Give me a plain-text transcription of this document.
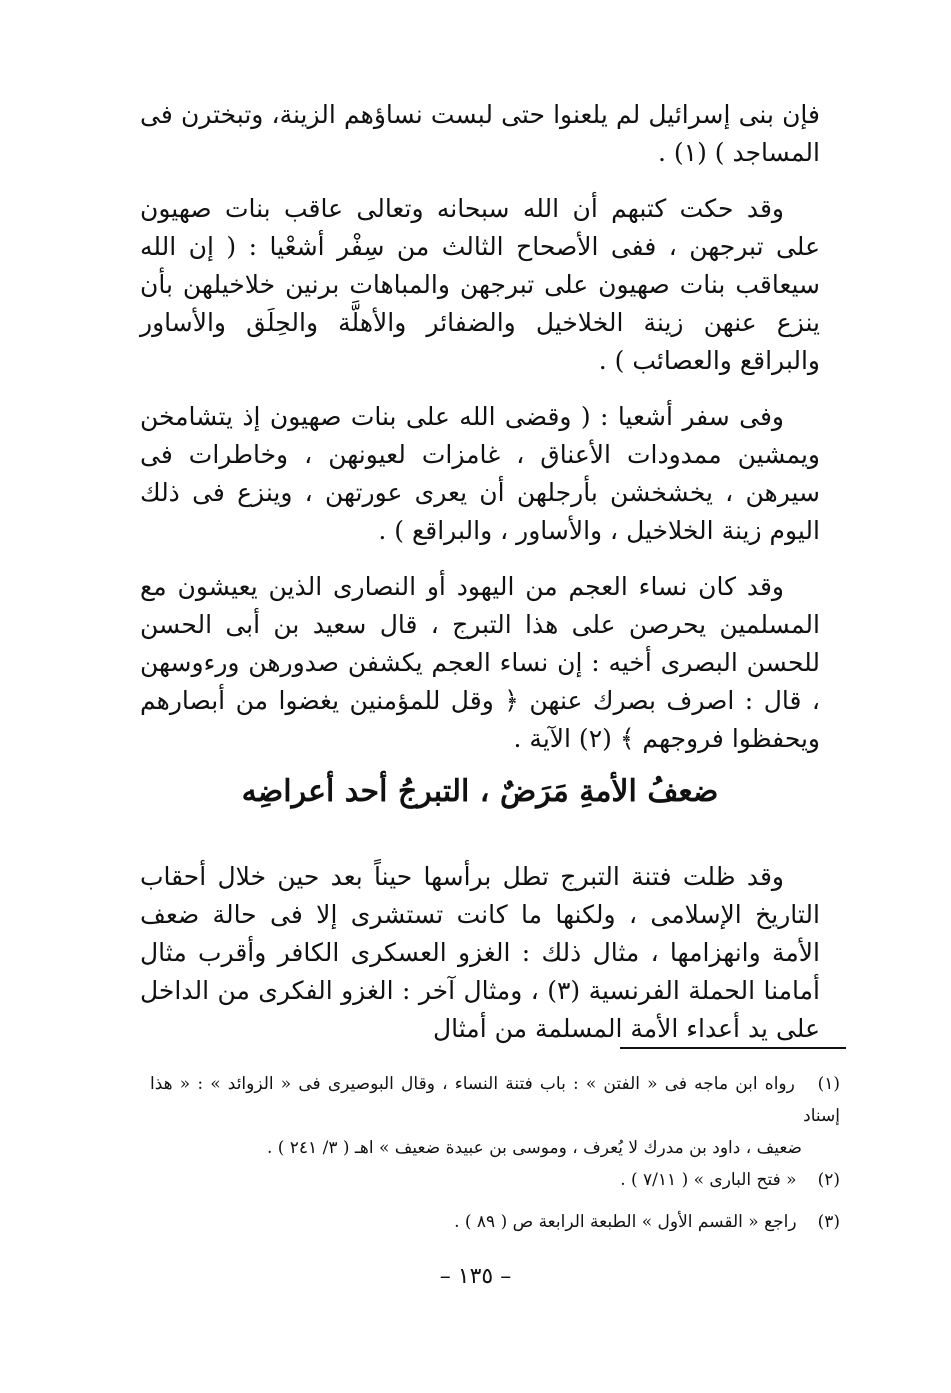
فإن بنى إسرائيل لم يلعنوا حتى لبست نساؤهم الزينة، وتبخترن فى المساجد ) (١) .

وقد حكت كتبهم أن الله سبحانه وتعالى عاقب بنات صهيون على تبرجهن ، ففى الأصحاح الثالث من سِفْر أشعْيا : ( إن الله سيعاقب بنات صهيون على تبرجهن والمباهات برنين خلاخيلهن بأن ينزع عنهن زينة الخلاخيل والضفائر والأهلَّة والحِلَق والأساور والبراقع والعصائب ) .

وفى سفر أشعيا : ( وقضى الله على بنات صهيون إذ يتشامخن ويمشين ممدودات الأعناق ، غامزات لعيونهن ، وخاطرات فى سيرهن ، يخشخشن بأرجلهن أن يعرى عورتهن ، وينزع فى ذلك اليوم زينة الخلاخيل ، والأساور ، والبراقع ) .

وقد كان نساء العجم من اليهود أو النصارى الذين يعيشون مع المسلمين يحرصن على هذا التبرج ، قال سعيد بن أبى الحسن للحسن البصرى أخيه : إن نساء العجم يكشفن صدورهن ورءوسهن ، قال : اصرف بصرك عنهن ﴿ وقل للمؤمنين يغضوا من أبصارهم ويحفظوا فروجهم ﴾ (٢) الآية .

ضعفُ الأمةِ مَرَضٌ ، التبرجُ أحد أعراضِه

وقد ظلت فتنة التبرج تطل برأسها حيناً بعد حين خلال أحقاب التاريخ الإسلامى ، ولكنها ما كانت تستشرى إلا فى حالة ضعف الأمة وانهزامها ، مثال ذلك : الغزو العسكرى الكافر وأقرب مثال أمامنا الحملة الفرنسية (٣) ، ومثال آخر : الغزو الفكرى من الداخل على يد أعداء الأمة المسلمة من أمثال

(١) رواه ابن ماجه فى « الفتن » : باب فتنة النساء ، وقال البوصيرى فى « الزوائد » : « هذا إسناد

ضعيف ، داود بن مدرك لا يُعرف ، وموسى بن عبيدة ضعيف » اهـ ( ٣/ ٢٤١ ) .

(٢) « فتح البارى » ( ٧/١١ ) .

(٣) راجع « القسم الأول » الطبعة الرابعة ص ( ٨٩ ) .

– ١٣٥ –
